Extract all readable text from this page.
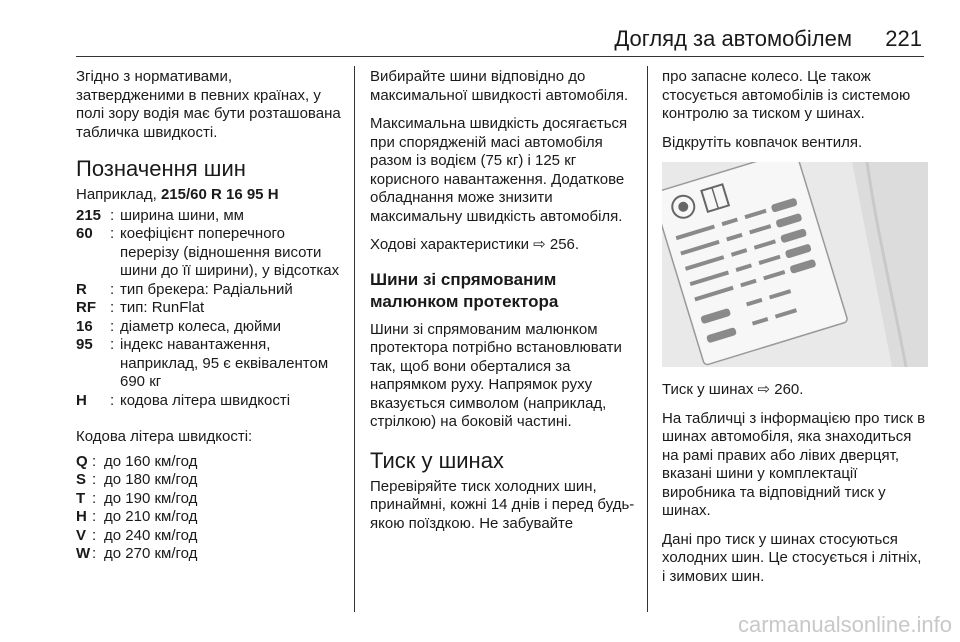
Догляд за автомобілем 221

Згідно з нормативами, затвердженими в певних країнах, у полі зору водія має бути розташована табличка швидкості.

Позначення шин

Наприклад, 215/60 R 16 95 H

215 : ширина шини, мм
60	: коефіцієнт поперечного перерізу (відношення висоти шини до її ширини), у відсотках
R	: тип брекера: Радіальний
RF : тип: RunFlat
16	: діаметр колеса, дюйми
95	: індекс навантаження, наприклад, 95 є еквівалентом 690 кг
H	: кодова літера швидкості

Кодова літера швидкості:

Q : до 160 км/год
S : до 180 км/год
T : до 190 км/год
H : до 210 км/год
V : до 240 км/год
W : до 270 км/год

Вибирайте шини відповідно до максимальної швидкості автомобіля.

Максимальна швидкість досягається при спорядженій масі автомобіля разом із водієм (75 кг) і 125 кг корисного навантаження. Додаткове обладнання може знизити максимальну швидкість автомобіля.

Ходові характеристики ⇨ 256.

Шини зі спрямованим малюнком протектора

Шини зі спрямованим малюнком протектора потрібно встановлювати так, щоб вони оберталися за напрямком руху. Напрямок руху вказується символом (наприклад, стрілкою) на боковій частині.

Тиск у шинах

Перевіряйте тиск холодних шин, принаймні, кожні 14 днів і перед будь-якою поїздкою. Не забувайте

про запасне колесо. Це також стосується автомобілів із системою контролю за тиском у шинах.

Відкрутіть ковпачок вентиля.

Тиск у шинах ⇨ 260.

На табличці з інформацією про тиск в шинах автомобіля, яка знаходиться на рамі правих або лівих дверцят, вказані шини у комплектації виробника та відповідний тиск у шинах.

Дані про тиск у шинах стосуються холодних шин. Це стосується і літніх, і зимових шин.

carmanualsonline.info
